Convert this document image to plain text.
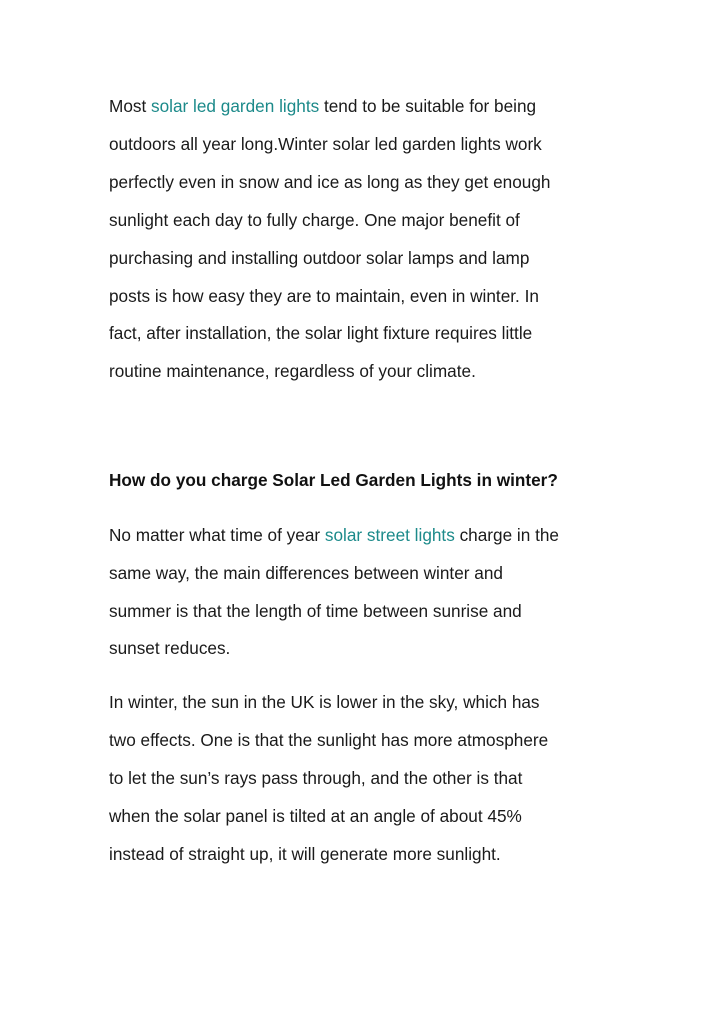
Most solar led garden lights tend to be suitable for being
outdoors all year long.Winter solar led garden lights work
perfectly even in snow and ice as long as they get enough
sunlight each day to fully charge. One major benefit of
purchasing and installing outdoor solar lamps and lamp
posts is how easy they are to maintain, even in winter. In
fact, after installation, the solar light fixture requires little
routine maintenance, regardless of your climate.
How do you charge Solar Led Garden Lights in winter?
No matter what time of year solar street lights charge in the
same way, the main differences between winter and
summer is that the length of time between sunrise and
sunset reduces.
In winter, the sun in the UK is lower in the sky, which has
two effects. One is that the sunlight has more atmosphere
to let the sun’s rays pass through, and the other is that
when the solar panel is tilted at an angle of about 45%
instead of straight up, it will generate more sunlight.
